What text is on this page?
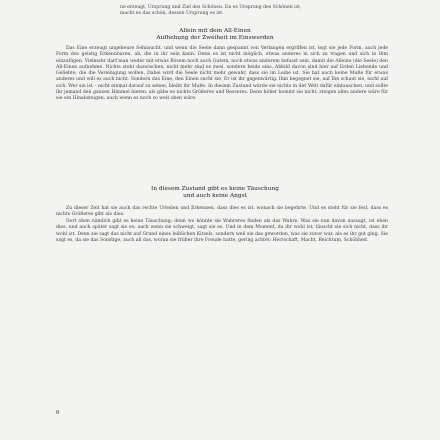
ne erzeugt, Ursprung und Ziel des Schönen. Da es Ursprung des Schönen ist, macht es das schön, dessen Ursprung es ist.
Allein mit dem All-Einen
Aufhebung der Zweiheit im Einswerden

Das Eine erzeugt ungeheure Sehnsucht, und wenn die Seele dann gespannt von Verlangen ergriffen ist, legt sie jede Form, auch jede Form des geistig Erkennbaren, ab, die in ihr sein kann. Denn es ist nicht möglich, etwas anderes in sich zu tragen und sich in Ihm einzufügen. Vielmehr darf man weder mit etwas Bösem noch auch Gutem, noch etwas anderem befasst sein, damit die Alleine (die Seele) den All-Einen aufnehme. Nichts steht dazwischen, nicht mehr sind es zwei, sondern beide eins. Abbild davon sind hier auf Erden Liebende und Geliebte, die die Vereinigung wollen. Dabei wird die Seele nicht mehr gewahr, dass sie im Leibe ist. Sie hat auch keine Muße für etwas anderes und will es auch nicht. Sondern das Eine, den Einen sucht sie, Er ist ihr gegenwärtig. Ihm begegnet sie, auf Ihn schaut sie, nicht auf sich. Wer sie ist – nicht einmal darauf zu sehen, bleibt ihr Muße. In diesem Zustand würde sie nichts in der Welt dafür eintauschen, und sollte ihr jemand den ganzen Himmel bieten, als gäbe es nichts Größeres und Besseres. Denn höher kommt sie nicht, steigen alles andere wäre für sie ein Hinabsteigen, auch wenn es noch so weit oben wäre.

In diesem Zustand gibt es keine Täuschung
und auch keine Angst

Zu dieser Zeit hat sie auch das rechte Urteilen und Erkennen, dass dies es ist, wonach sie begehrte. Und es steht für sie fest, dass es nichts Größeres gibt als dies.

Dort oben nämlich gibt es keine Täuschung; denn wo könnte sie Wahreres finden als das Wahre. Was sie nun davon aussagt, ist eben dies, und auch später sagt sie es; auch wenn sie schweigt, sagt sie es. Und in dem Moment, da ihr wohl ist, täuscht sie sich nicht, dass ihr wohl ist. Denn sie sagt das nicht auf Grund eines leiblichen Kitzels, sondern weil sie das geworden, was sie zuvor war, als es ihr gut ging. Sie sagt es, da sie das Sonstige, auch all das, woran sie früher ihre Freude hatte, gering achtet: Herrschaft, Macht, Reichtum, Schönheit.

6
